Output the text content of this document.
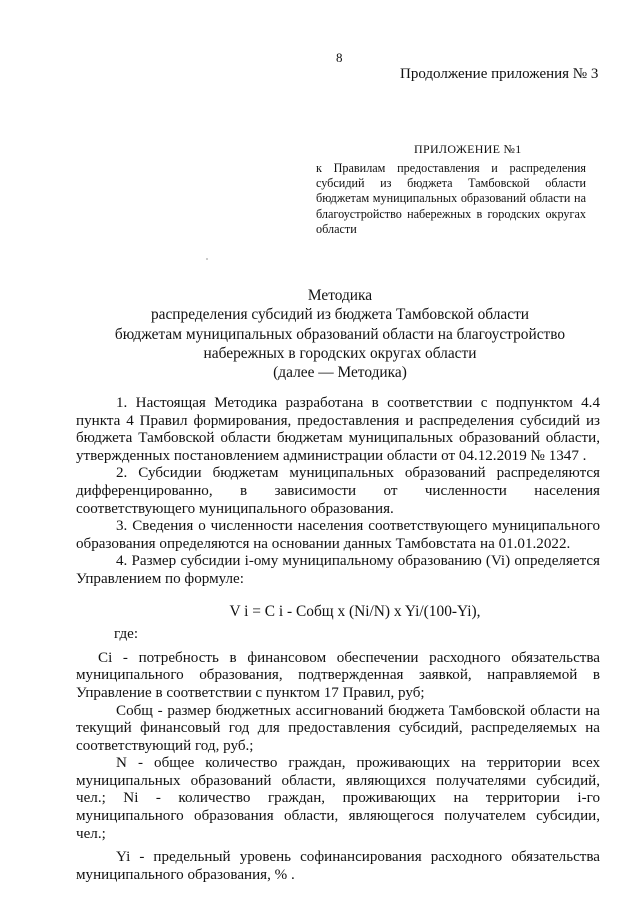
8
Продолжение приложения № 3
ПРИЛОЖЕНИЕ №1
к Правилам предоставления и распределения субсидий из бюджета Тамбовской области бюджетам муниципальных образований области на благоустройство набережных в городских округах области
Методика
распределения субсидий из бюджета Тамбовской области
бюджетам муниципальных образований области на благоустройство
набережных в городских округах области
(далее — Методика)

1. Настоящая Методика разработана в соответствии с подпунктом 4.4 пункта 4 Правил формирования, предоставления и распределения субсидий из бюджета Тамбовской области бюджетам муниципальных образований области, утвержденных постановлением администрации области от 04.12.2019 № 1347 .

2. Субсидии бюджетам муниципальных образований распределяются дифференцированно, в зависимости от численности населения соответствующего муниципального образования.

3. Сведения о численности населения соответствующего муниципального образования определяются на основании данных Тамбовстата на 01.01.2022.

4. Размер субсидии i-ому муниципальному образованию (Vi) определяется Управлением по формуле:

V i = C i - Cобщ x (Ni/N) x Yi/(100-Yi),

где:

Ci - потребность в финансовом обеспечении расходного обязательства муниципального образования, подтвержденная заявкой, направляемой в Управление в соответствии с пунктом 17 Правил, руб;

Cобщ - размер бюджетных ассигнований бюджета Тамбовской области на текущий финансовый год для предоставления субсидий, распределяемых на соответствующий год, руб.;

N - общее количество граждан, проживающих на территории всех муниципальных образований области, являющихся получателями субсидий, чел.; Ni - количество граждан, проживающих на территории i-го муниципального образования области, являющегося получателем субсидии, чел.;

Yi - предельный уровень софинансирования расходного обязательства муниципального образования, % .
